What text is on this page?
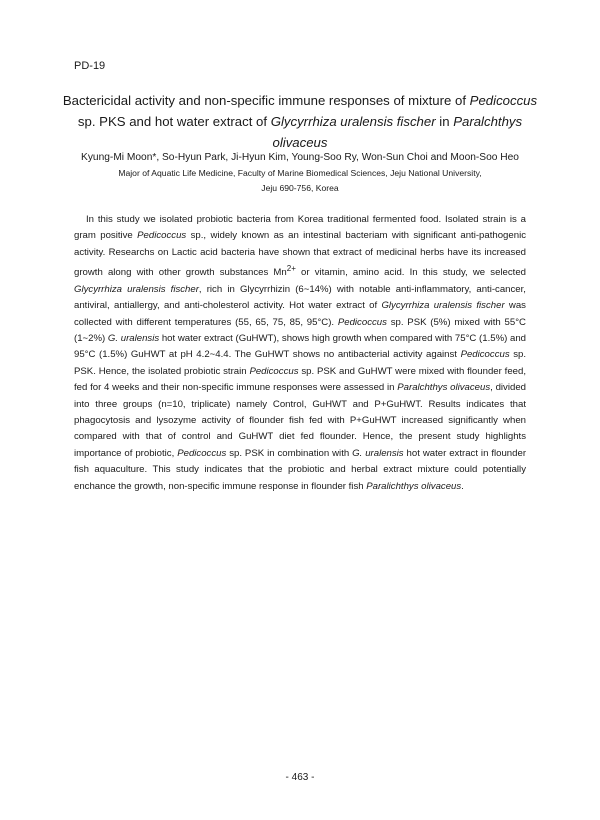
PD-19
Bactericidal activity and non-specific immune responses of mixture of Pedicoccus sp. PKS and hot water extract of Glycyrrhiza uralensis fischer in Paralchthys olivaceus
Kyung-Mi Moon*, So-Hyun Park, Ji-Hyun Kim, Young-Soo Ry, Won-Sun Choi and Moon-Soo Heo
Major of Aquatic Life Medicine, Faculty of Marine Biomedical Sciences, Jeju National University,
Jeju 690-756, Korea

In this study we isolated probiotic bacteria from Korea traditional fermented food. Isolated strain is a gram positive Pedicoccus sp., widely known as an intestinal bacteriam with significant anti-pathogenic activity. Researchs on Lactic acid bacteria have shown that extract of medicinal herbs have its increased growth along with other growth substances $Mn^{2+}$ or vitamin, amino acid. In this study, we selected Glycyrrhiza uralensis fischer, rich in Glycyrrhizin (6~14%) with notable anti-inflammatory, anti-cancer, antiviral, antiallergy, and anti-cholesterol activity. Hot water extract of Glycyrrhiza uralensis fischer was collected with different temperatures (55, 65, 75, 85, 95°C). Pedicoccus sp. PSK (5%) mixed with 55°C (1~2%) G. uralensis hot water extract (GuHWT), shows high growth when compared with 75°C (1.5%) and 95°C (1.5%) GuHWT at pH 4.2~4.4. The GuHWT shows no antibacterial activity against Pedicoccus sp. PSK. Hence, the isolated probiotic strain Pedicoccus sp. PSK and GuHWT were mixed with flounder feed, fed for 4 weeks and their non-specific immune responses were assessed in Paralchthys olivaceus, divided into three groups (n=10, triplicate) namely Control, GuHWT and P+GuHWT. Results indicates that phagocytosis and lysozyme activity of flounder fish fed with P+GuHWT increased significantly when compared with that of control and GuHWT diet fed flounder. Hence, the present study highlights importance of probiotic, Pedicoccus sp. PSK in combination with G. uralensis hot water extract in flounder fish aquaculture. This study indicates that the probiotic and herbal extract mixture could potentially enchance the growth, non-specific immune response in flounder fish Paralichthys olivaceus.

- 463 -
